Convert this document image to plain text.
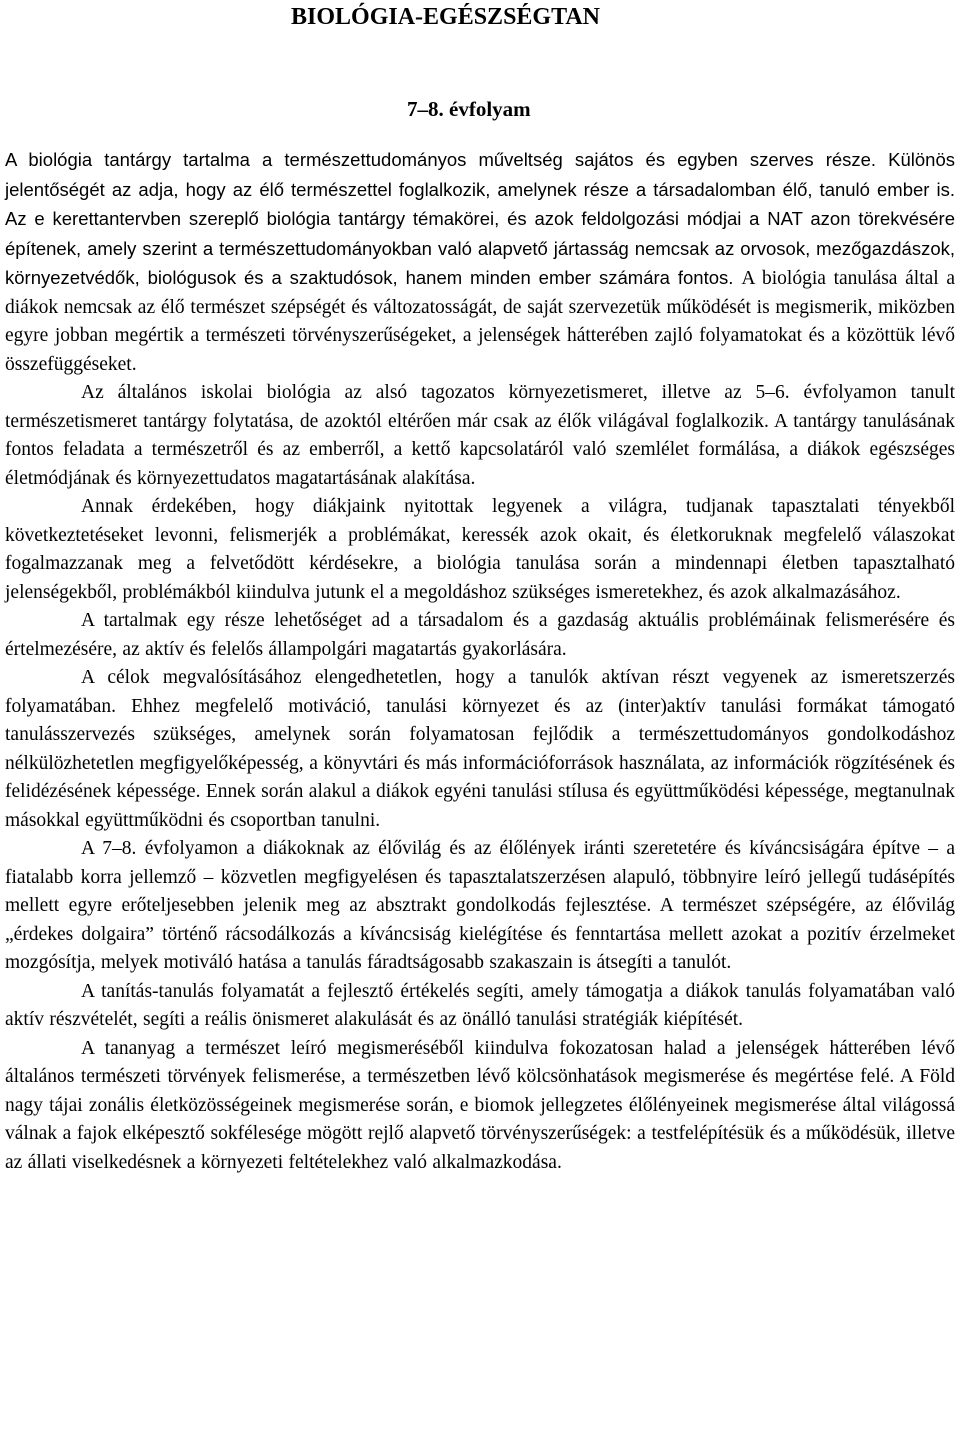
BIOLÓGIA-EGÉSZSÉGTAN
7–8. évfolyam

A biológia tantárgy tartalma a természettudományos műveltség sajátos és egyben szerves része. Különös jelentőségét az adja, hogy az élő természettel foglalkozik, amelynek része a társadalomban élő, tanuló ember is. Az e kerettantervben szereplő biológia tantárgy témakörei, és azok feldolgozási módjai a NAT azon törekvésére építenek, amely szerint a természettudományokban való alapvető jártasság nemcsak az orvosok, mezőgazdászok, környezetvédők, biológusok és a szaktudósok, hanem minden ember számára fontos. A biológia tanulása által a diákok nemcsak az élő természet szépségét és változatosságát, de saját szervezetük működését is megismerik, miközben egyre jobban megértik a természeti törvényszerűségeket, a jelenségek hátterében zajló folyamatokat és a közöttük lévő összefüggéseket.

Az általános iskolai biológia az alsó tagozatos környezetismeret, illetve az 5–6. évfolyamon tanult természetismeret tantárgy folytatása, de azoktól eltérően már csak az élők világával foglalkozik. A tantárgy tanulásának fontos feladata a természetről és az emberről, a kettő kapcsolatáról való szemlélet formálása, a diákok egészséges életmódjának és környezettudatos magatartásának alakítása.

Annak érdekében, hogy diákjaink nyitottak legyenek a világra, tudjanak tapasztalati tényekből következtetéseket levonni, felismerjék a problémákat, keressék azok okait, és életkoruknak megfelelő válaszokat fogalmazzanak meg a felvetődött kérdésekre, a biológia tanulása során a mindennapi életben tapasztalható jelenségekből, problémákból kiindulva jutunk el a megoldáshoz szükséges ismeretekhez, és azok alkalmazásához.

A tartalmak egy része lehetőséget ad a társadalom és a gazdaság aktuális problémáinak felismerésére és értelmezésére, az aktív és felelős állampolgári magatartás gyakorlására.

A célok megvalósításához elengedhetetlen, hogy a tanulók aktívan részt vegyenek az ismeretszerzés folyamatában. Ehhez megfelelő motiváció, tanulási környezet és az (inter)aktív tanulási formákat támogató tanulásszervezés szükséges, amelynek során folyamatosan fejlődik a természettudományos gondolkodáshoz nélkülözhetetlen megfigyelőképesség, a könyvtári és más információforrások használata, az információk rögzítésének és felidézésének képessége. Ennek során alakul a diákok egyéni tanulási stílusa és együttműködési képessége, megtanulnak másokkal együttműködni és csoportban tanulni.

A 7–8. évfolyamon a diákoknak az élővilág és az élőlények iránti szeretetére és kíváncsiságára építve – a fiatalabb korra jellemző – közvetlen megfigyelésen és tapasztalatszerzésen alapuló, többnyire leíró jellegű tudásépítés mellett egyre erőteljesebben jelenik meg az absztrakt gondolkodás fejlesztése. A természet szépségére, az élővilág „érdekes dolgaira” történő rácsodálkozás a kíváncsiság kielégítése és fenntartása mellett azokat a pozitív érzelmeket mozgósítja, melyek motiváló hatása a tanulás fáradtságosabb szakaszain is átsegíti a tanulót.

A tanítás-tanulás folyamatát a fejlesztő értékelés segíti, amely támogatja a diákok tanulás folyamatában való aktív részvételét, segíti a reális önismeret alakulását és az önálló tanulási stratégiák kiépítését.

A tananyag a természet leíró megismeréséből kiindulva fokozatosan halad a jelenségek hátterében lévő általános természeti törvények felismerése, a természetben lévő kölcsönhatások megismerése és megértése felé. A Föld nagy tájai zonális életközösségeinek megismerése során, e biomok jellegzetes élőlényeinek megismerése által világossá válnak a fajok elképesztő sokfélesége mögött rejlő alapvető törvényszerűségek: a testfelépítésük és a működésük, illetve az állati viselkedésnek a környezeti feltételekhez való alkalmazkodása.
